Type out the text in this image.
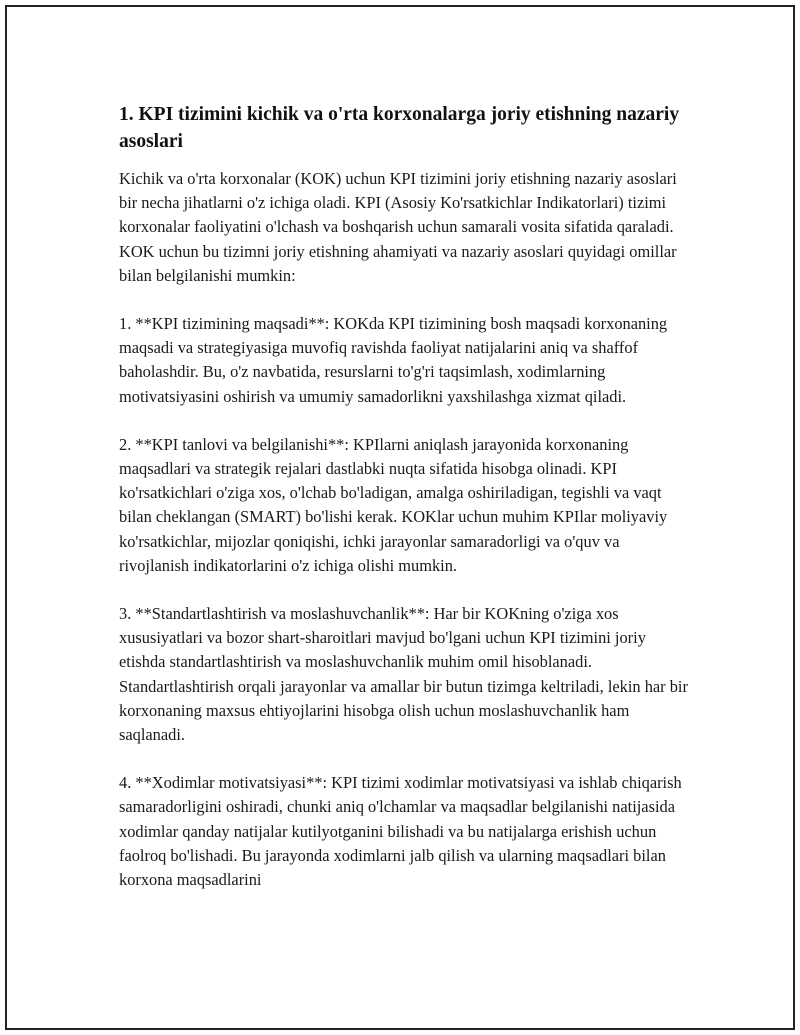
1. KPI tizimini kichik va o'rta korxonalarga joriy etishning nazariy asoslari

Kichik va o'rta korxonalar (KOK) uchun KPI tizimini joriy etishning nazariy asoslari bir necha jihatlarni o'z ichiga oladi. KPI (Asosiy Ko'rsatkichlar Indikatorlari) tizimi korxonalar faoliyatini o'lchash va boshqarish uchun samarali vosita sifatida qaraladi. KOK uchun bu tizimni joriy etishning ahamiyati va nazariy asoslari quyidagi omillar bilan belgilanishi mumkin:

1. **KPI tizimining maqsadi**: KOKda KPI tizimining bosh maqsadi korxonaning maqsadi va strategiyasiga muvofiq ravishda faoliyat natijalarini aniq va shaffof baholashdir. Bu, o'z navbatida, resurslarni to'g'ri taqsimlash, xodimlarning motivatsiyasini oshirish va umumiy samadorlikni yaxshilashga xizmat qiladi.

2. **KPI tanlovi va belgilanishi**: KPIlarni aniqlash jarayonida korxonaning maqsadlari va strategik rejalari dastlabki nuqta sifatida hisobga olinadi. KPI ko'rsatkichlari o'ziga xos, o'lchab bo'ladigan, amalga oshiriladigan, tegishli va vaqt bilan cheklangan (SMART) bo'lishi kerak. KOKlar uchun muhim KPIlar moliyaviy ko'rsatkichlar, mijozlar qoniqishi, ichki jarayonlar samaradorligi va o'quv va rivojlanish indikatorlarini o'z ichiga olishi mumkin.

3. **Standartlashtirish va moslashuvchanlik**: Har bir KOKning o'ziga xos xususiyatlari va bozor shart-sharoitlari mavjud bo'lgani uchun KPI tizimini joriy etishda standartlashtirish va moslashuvchanlik muhim omil hisoblanadi. Standartlashtirish orqali jarayonlar va amallar bir butun tizimga keltriladi, lekin har bir korxonaning maxsus ehtiyojlarini hisobga olish uchun moslashuvchanlik ham saqlanadi.

4. **Xodimlar motivatsiyasi**: KPI tizimi xodimlar motivatsiyasi va ishlab chiqarish samaradorligini oshiradi, chunki aniq o'lchamlar va maqsadlar belgilanishi natijasida xodimlar qanday natijalar kutilyotganini bilishadi va bu natijalarga erishish uchun faolroq bo'lishadi. Bu jarayonda xodimlarni jalb qilish va ularning maqsadlari bilan korxona maqsadlarini
